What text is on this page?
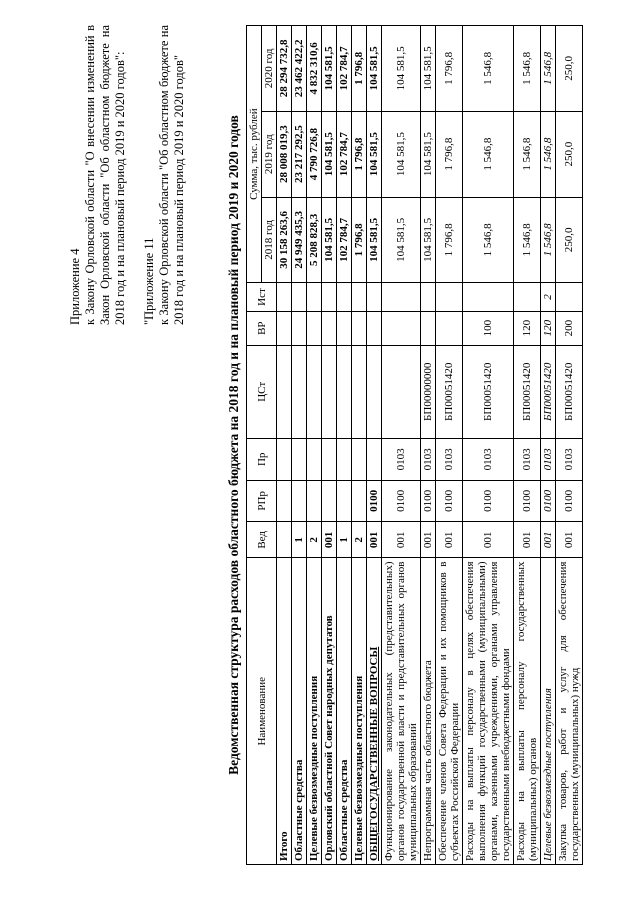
Приложение 4 к Закону Орловской области "О внесении изменений в Закон Орловской области "Об областном бюджете на 2018 год и на плановый период 2019 и 2020 годов": "Приложение 11 к Закону Орловской области "Об областном бюджете на 2018 год и на плановый период 2019 и 2020 годов"	Ведомственная структура расходов областного бюджета на 2018 год и на плановый период 2019 и 2020 годов Наименование	Вед	РПр	Пр	ЦСт	ВР	Ист	Сумма, тыс. рублей		
							2018 год	2019 год	2020 год
Итого							30 158 263,6	28 008 019,3	28 294 732,8
Областные средства	1						24 949 435,3	23 217 292,5	23 462 422,2
Целевые безвозмездные поступления	2						5 208 828,3	4 790 726,8	4 832 310,6
Орловский областной Совет народных депутатов	001						104 581,5	104 581,5	104 581,5
Областные средства	1						102 784,7	102 784,7	102 784,7
Целевые безвозмездные поступления	2						1 796,8	1 796,8	1 796,8
ОБЩЕГОСУДАРСТВЕННЫЕ ВОПРОСЫ	001	0100					104 581,5	104 581,5	104 581,5
Функционирование законодательных (представительных) органов государственной власти и представительных органов муниципальных образований	001	0100	0103				104 581,5	104 581,5	104 581,5
Непрограммная часть областного бюджета	001	0100	0103	БП00000000			104 581,5	104 581,5	104 581,5
Обеспечение членов Совета Федерации и их помощников в субъектах Российской Федерации	001	0100	0103	БП00051420			1 796,8	1 796,8	1 796,8
Расходы на выплаты персоналу в целях обеспечения выполнения функций государственными (муниципальными) органами, казенными учреждениями, органами управления государственными внебюджетными фондами	001	0100	0103	БП00051420	100		1 546,8	1 546,8	1 546,8
Расходы на выплаты персоналу государственных (муниципальных) органов	001	0100	0103	БП00051420	120		1 546,8	1 546,8	1 546,8
Целевые безвозмездные поступления	001	0100	0103	БП00051420	120	2	1 546,8	1 546,8	1 546,8
Закупка товаров, работ и услуг для обеспечения государственных (муниципальных) нужд	001	0100	0103	БП00051420	200		250,0	250,0	250,0
